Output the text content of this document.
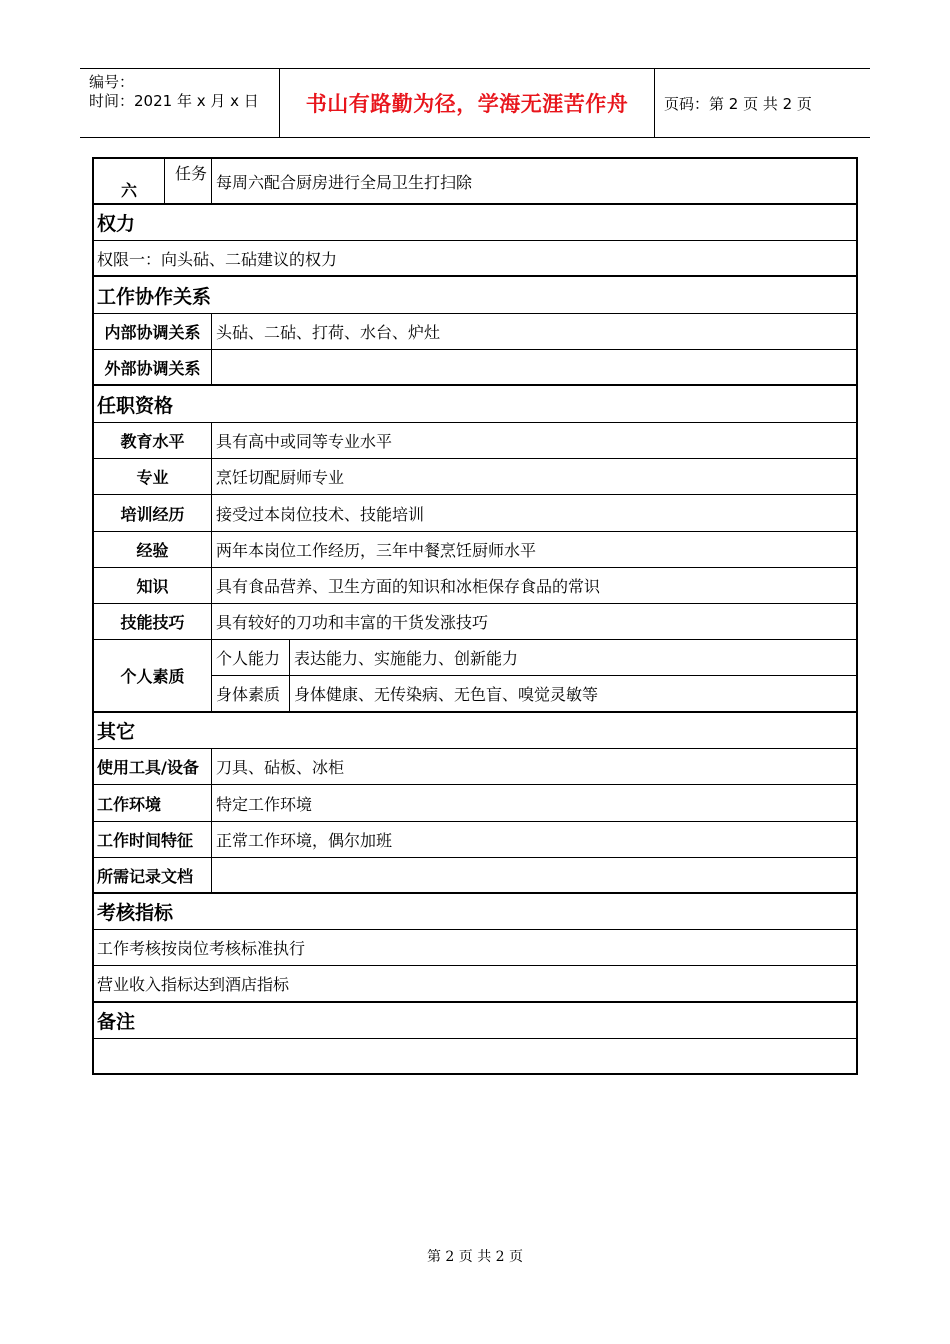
编号：
时间：2021 年 x 月 x 日	书山有路勤为径，学海无涯苦作舟 页码：第 2 页 共 2 页
六
任务 每周六配合厨房进行全局卫生打扫除
权力
权限一：向头砧、二砧建议的权力
工作协作关系
内部协调关系 头砧、二砧、打荷、水台、炉灶
外部协调关系
任职资格
教育水平	具有高中或同等专业水平
专业	烹饪切配厨师专业
培训经历	接受过本岗位技术、技能培训
经验	两年本岗位工作经历，三年中餐烹饪厨师水平
知识	具有食品营养、卫生方面的知识和冰柜保存食品的常识
技能技巧	具有较好的刀功和丰富的干货发涨技巧
个人素质
个人能力 表达能力、实施能力、创新能力
身体素质 身体健康、无传染病、无色盲、嗅觉灵敏等
其它
使用工具/设备	刀具、砧板、冰柜
工作环境	特定工作环境
工作时间特征	正常工作环境，偶尔加班
所需记录文档
考核指标
工作考核按岗位考核标准执行
营业收入指标达到酒店指标
备注
第 2 页 共 2 页
